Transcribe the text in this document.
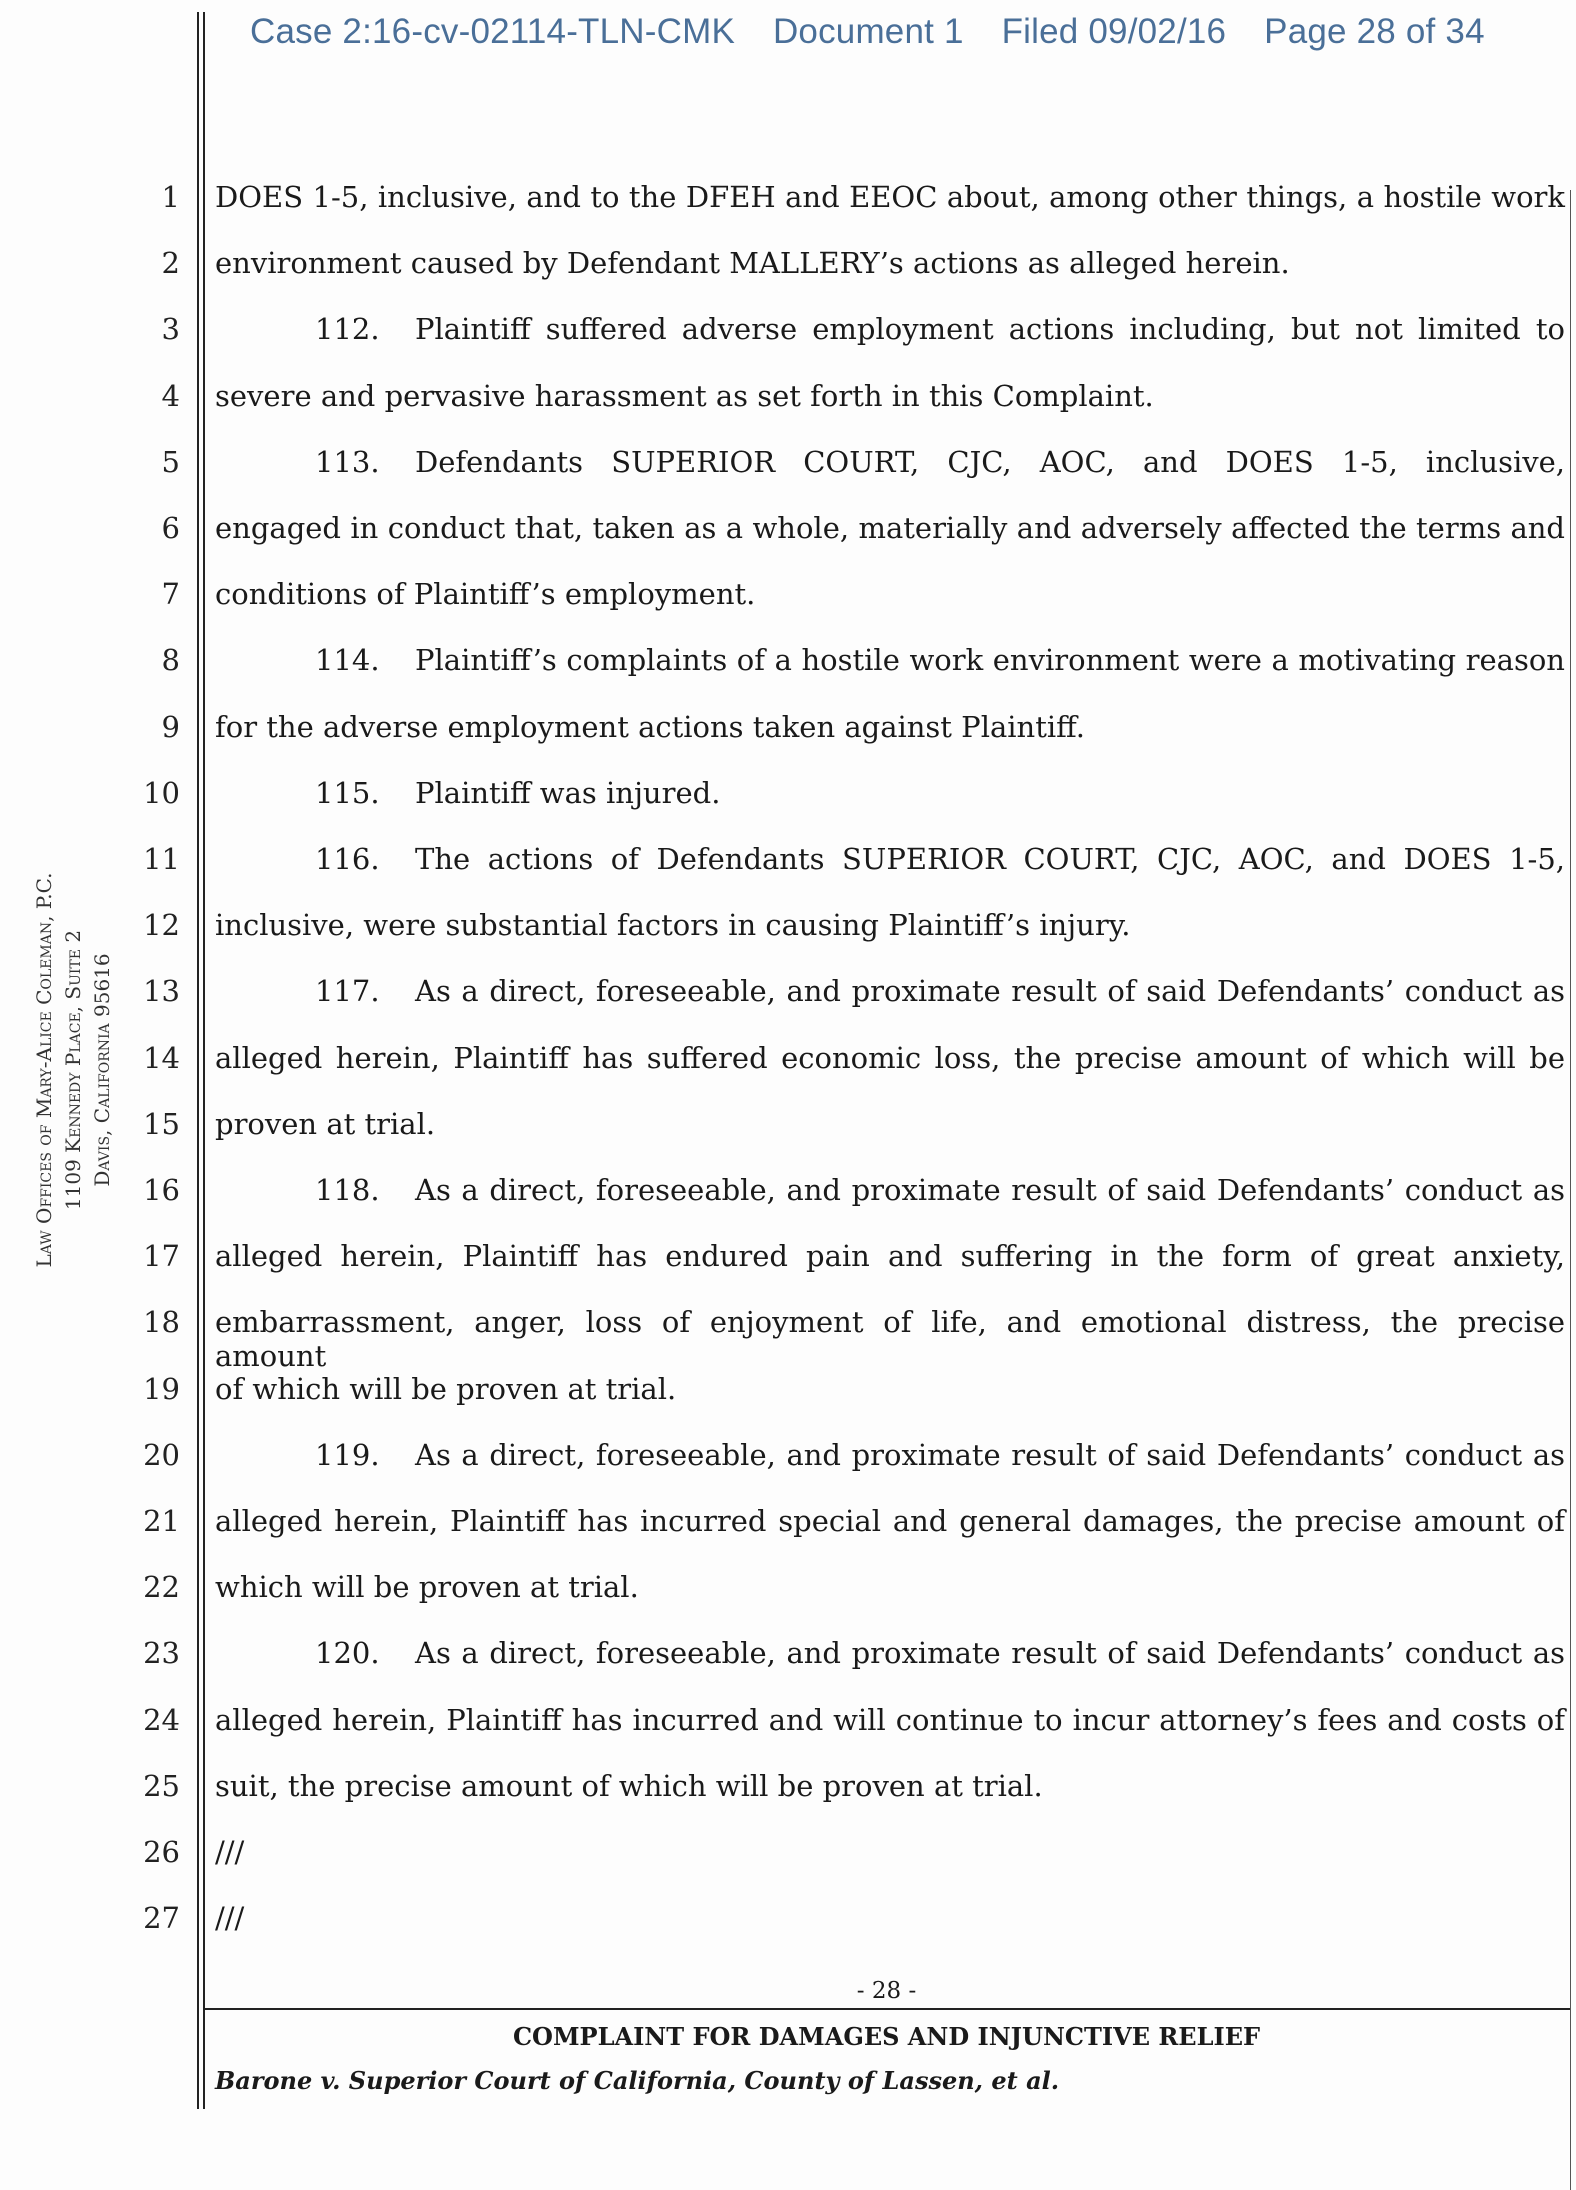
Case 2:16-cv-02114-TLN-CMK Document 1 Filed 09/02/16 Page 28 of 34
Law Offices of Mary-Alice Coleman, P.C. 1109 Kennedy Place, Suite 2 Davis, California 95616
1 DOES 1-5, inclusive, and to the DFEH and EEOC about, among other things, a hostile work
2 environment caused by Defendant MALLERY’s actions as alleged herein.
3	112. Plaintiff suffered adverse employment actions including, but not limited to
4 severe and pervasive harassment as set forth in this Complaint.
5	113. Defendants SUPERIOR COURT, CJC, AOC, and DOES 1-5, inclusive,
6 engaged in conduct that, taken as a whole, materially and adversely affected the terms and
7 conditions of Plaintiff’s employment.
8	114. Plaintiff’s complaints of a hostile work environment were a motivating reason
9 for the adverse employment actions taken against Plaintiff.
10	115. Plaintiff was injured.
11	116. The actions of Defendants SUPERIOR COURT, CJC, AOC, and DOES 1-5,
12 inclusive, were substantial factors in causing Plaintiff’s injury.
13	117. As a direct, foreseeable, and proximate result of said Defendants’ conduct as
14 alleged herein, Plaintiff has suffered economic loss, the precise amount of which will be
15 proven at trial.
16	118. As a direct, foreseeable, and proximate result of said Defendants’ conduct as
17 alleged herein, Plaintiff has endured pain and suffering in the form of great anxiety,
18 embarrassment, anger, loss of enjoyment of life, and emotional distress, the precise amount
19 of which will be proven at trial.
20	119. As a direct, foreseeable, and proximate result of said Defendants’ conduct as
21 alleged herein, Plaintiff has incurred special and general damages, the precise amount of
22 which will be proven at trial.
23	120. As a direct, foreseeable, and proximate result of said Defendants’ conduct as
24 alleged herein, Plaintiff has incurred and will continue to incur attorney’s fees and costs of
25 suit, the precise amount of which will be proven at trial.
26 ///
27 ///
- 28 -
COMPLAINT FOR DAMAGES AND INJUNCTIVE RELIEF
Barone v. Superior Court of California, County of Lassen, et al.
